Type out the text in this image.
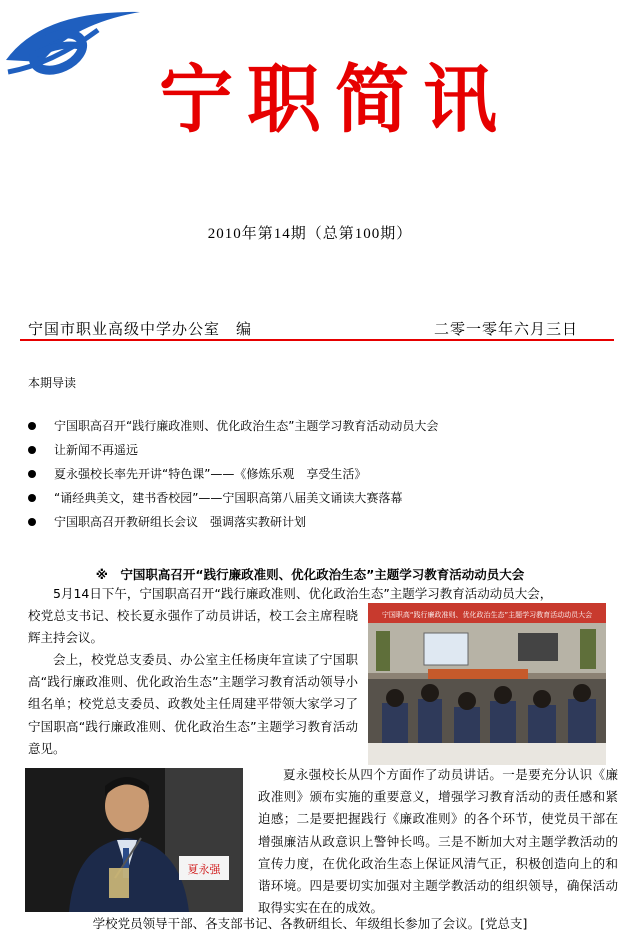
宁职简讯
2010年第14期（总第100期）
宁国市职业高级中学办公室　编	二零一零年六月三日
本期导读
宁国职高召开“践行廉政准则、优化政治生态”主题学习教育活动动员大会
让新闻不再遥远
夏永强校长率先开讲“特色课”——《修炼乐观　享受生活》
“诵经典美文，建书香校园”——宁国职高第八届美文诵读大赛落幕
宁国职高召开教研组长会议　强调落实教研计划
※　宁国职高召开“践行廉政准则、优化政治生态”主题学习教育活动动员大会
5月14日下午，宁国职高召开“践行廉政准则、优化政治生态”主题学习教育活动动员大会，
校党总支书记、校长夏永强作了动员讲话，校工会主席程晓辉主持会议。
会上，校党总支委员、办公室主任杨庚年宣读了宁国职高“践行廉政准则、优化政治生态”主题学习教育活动领导小组名单；校党总支委员、政教处主任周建平带领大家学习了宁国职高“践行廉政准则、优化政治生态”主题学习教育活动意见。
宁国职高“践行廉政准则、优化政治生态”主题学习教育活动动员大会
夏永强
夏永强校长从四个方面作了动员讲话。一是要充分认识《廉政准则》颁布实施的重要意义，增强学习教育活动的责任感和紧迫感；二是要把握践行《廉政准则》的各个环节，使党员干部在增强廉洁从政意识上警钟长鸣。三是不断加大对主题学教活动的宣传力度，在优化政治生态上保证风清气正，积极创造向上的和谐环境。四是要切实加强对主题学教活动的组织领导，确保活动取得实实在在的成效。
学校党员领导干部、各支部书记、各教研组长、年级组长参加了会议。[党总支]
